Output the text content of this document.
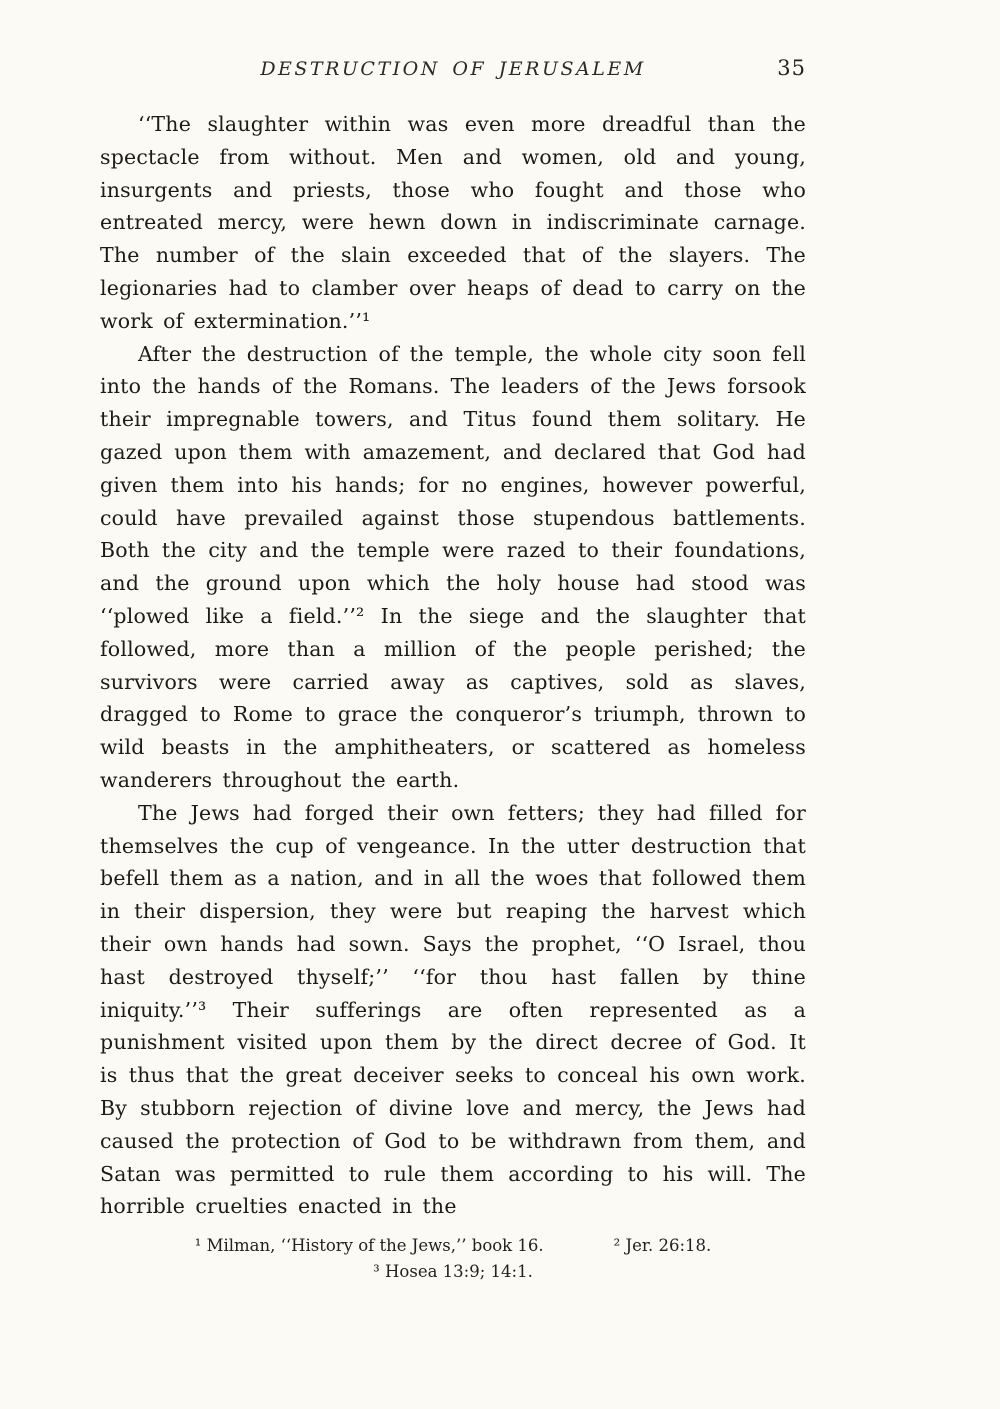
DESTRUCTION OF JERUSALEM	35

‘‘The slaughter within was even more dreadful than the spectacle from without. Men and women, old and young, insurgents and priests, those who fought and those who entreated mercy, were hewn down in indiscriminate carnage. The number of the slain exceeded that of the slayers. The legionaries had to clamber over heaps of dead to carry on the work of extermination.’’¹

After the destruction of the temple, the whole city soon fell into the hands of the Romans. The leaders of the Jews forsook their impregnable towers, and Titus found them solitary. He gazed upon them with amazement, and declared that God had given them into his hands; for no engines, however powerful, could have prevailed against those stupendous battlements. Both the city and the temple were razed to their foundations, and the ground upon which the holy house had stood was ‘‘plowed like a field.’’² In the siege and the slaughter that followed, more than a million of the people perished; the survivors were carried away as captives, sold as slaves, dragged to Rome to grace the conqueror’s triumph, thrown to wild beasts in the amphitheaters, or scattered as homeless wanderers throughout the earth.

The Jews had forged their own fetters; they had filled for themselves the cup of vengeance. In the utter destruction that befell them as a nation, and in all the woes that followed them in their dispersion, they were but reaping the harvest which their own hands had sown. Says the prophet, ‘‘O Israel, thou hast destroyed thyself;’’ ‘‘for thou hast fallen by thine iniquity.’’³ Their sufferings are often represented as a punishment visited upon them by the direct decree of God. It is thus that the great deceiver seeks to conceal his own work. By stubborn rejection of divine love and mercy, the Jews had caused the protection of God to be withdrawn from them, and Satan was permitted to rule them according to his will. The horrible cruelties enacted in the

¹ Milman, ‘‘History of the Jews,’’ book 16.	² Jer. 26:18.
³ Hosea 13:9; 14:1.
